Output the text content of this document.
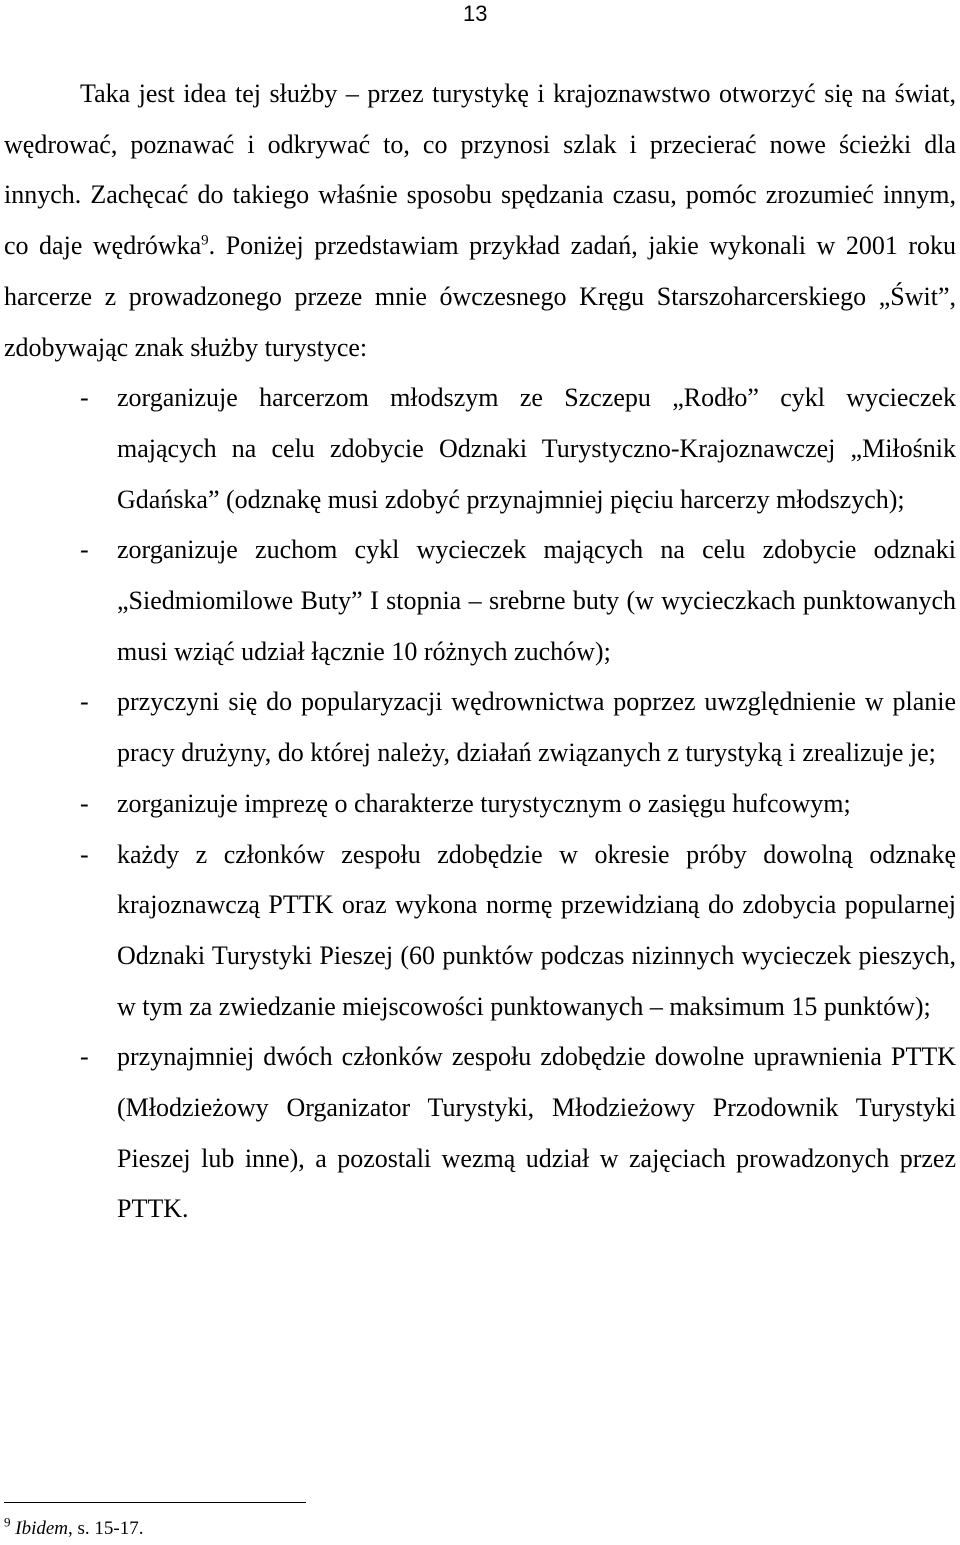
13

Taka jest idea tej służby – przez turystykę i krajoznawstwo otworzyć się na świat, wędrować, poznawać i odkrywać to, co przynosi szlak i przecierać nowe ścieżki dla innych. Zachęcać do takiego właśnie sposobu spędzania czasu, pomóc zrozumieć innym, co daje wędrówka$^9$. Poniżej przedstawiam przykład zadań, jakie wykonali w 2001 roku harcerze z prowadzonego przeze mnie ówczesnego Kręgu Starszoharcerskiego „Świt”, zdobywając znak służby turystyce:

- zorganizuje harcerzom młodszym ze Szczepu „Rodło” cykl wycieczek mających na celu zdobycie Odznaki Turystyczno-Krajoznawczej „Miłośnik Gdańska” (odznakę musi zdobyć przynajmniej pięciu harcerzy młodszych);
- zorganizuje zuchom cykl wycieczek mających na celu zdobycie odznaki „Siedmiomilowe Buty” I stopnia – srebrne buty (w wycieczkach punktowanych musi wziąć udział łącznie 10 różnych zuchów);
- przyczyni się do popularyzacji wędrownictwa poprzez uwzględnienie w planie pracy drużyny, do której należy, działań związanych z turystyką i zrealizuje je;
- zorganizuje imprezę o charakterze turystycznym o zasięgu hufcowym;
- każdy z członków zespołu zdobędzie w okresie próby dowolną odznakę krajoznawczą PTTK oraz wykona normę przewidzianą do zdobycia popularnej Odznaki Turystyki Pieszej (60 punktów podczas nizinnych wycieczek pieszych, w tym za zwiedzanie miejscowości punktowanych – maksimum 15 punktów);
- przynajmniej dwóch członków zespołu zdobędzie dowolne uprawnienia PTTK (Młodzieżowy Organizator Turystyki, Młodzieżowy Przodownik Turystyki Pieszej lub inne), a pozostali wezmą udział w zajęciach prowadzonych przez PTTK.
$^9$ Ibidem, s. 15-17.
